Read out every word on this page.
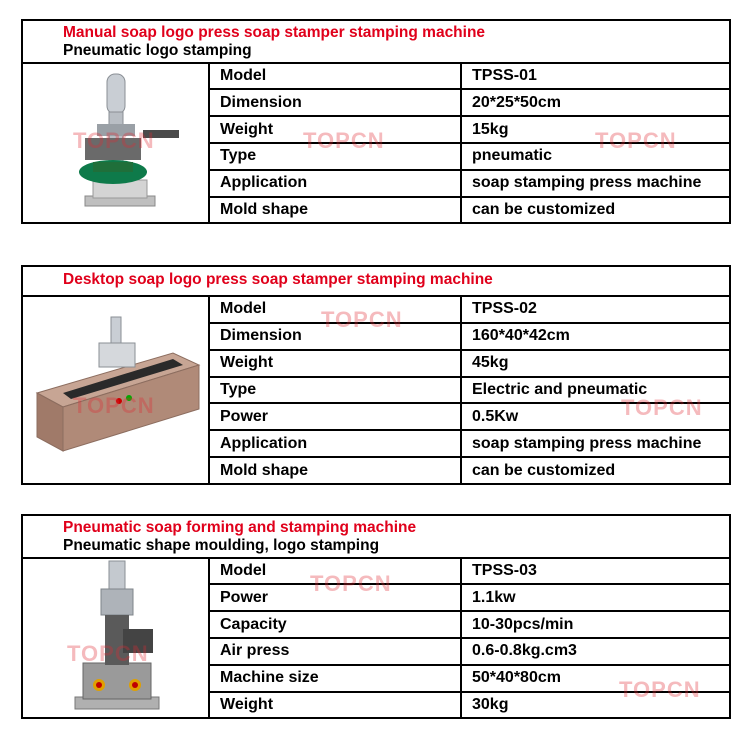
Manual soap logo press soap stamper stamping machine
Pneumatic logo stamping
TOPCN
Model	TPSS-01
Dimension	20*25*50cm
Weight	15kg
Type	pneumatic
Application	soap stamping press machine
Mold shape	can be customized
TOPCN	TOPCN
Desktop soap logo press soap stamper stamping machine
TOPCN
Model	TPSS-02
Dimension	160*40*42cm
Weight	45kg
Type	Electric and pneumatic
Power	0.5Kw
Application	soap stamping press machine
Mold shape	can be customized
TOPCN
TOPCN
Pneumatic soap forming and stamping machine
Pneumatic shape moulding, logo stamping
TOPCN
Model	TPSS-03
Power	1.1kw
Capacity	10-30pcs/min
Air press	0.6-0.8kg.cm3
Machine size	50*40*80cm
Weight	30kg
TOPCN
TOPCN
